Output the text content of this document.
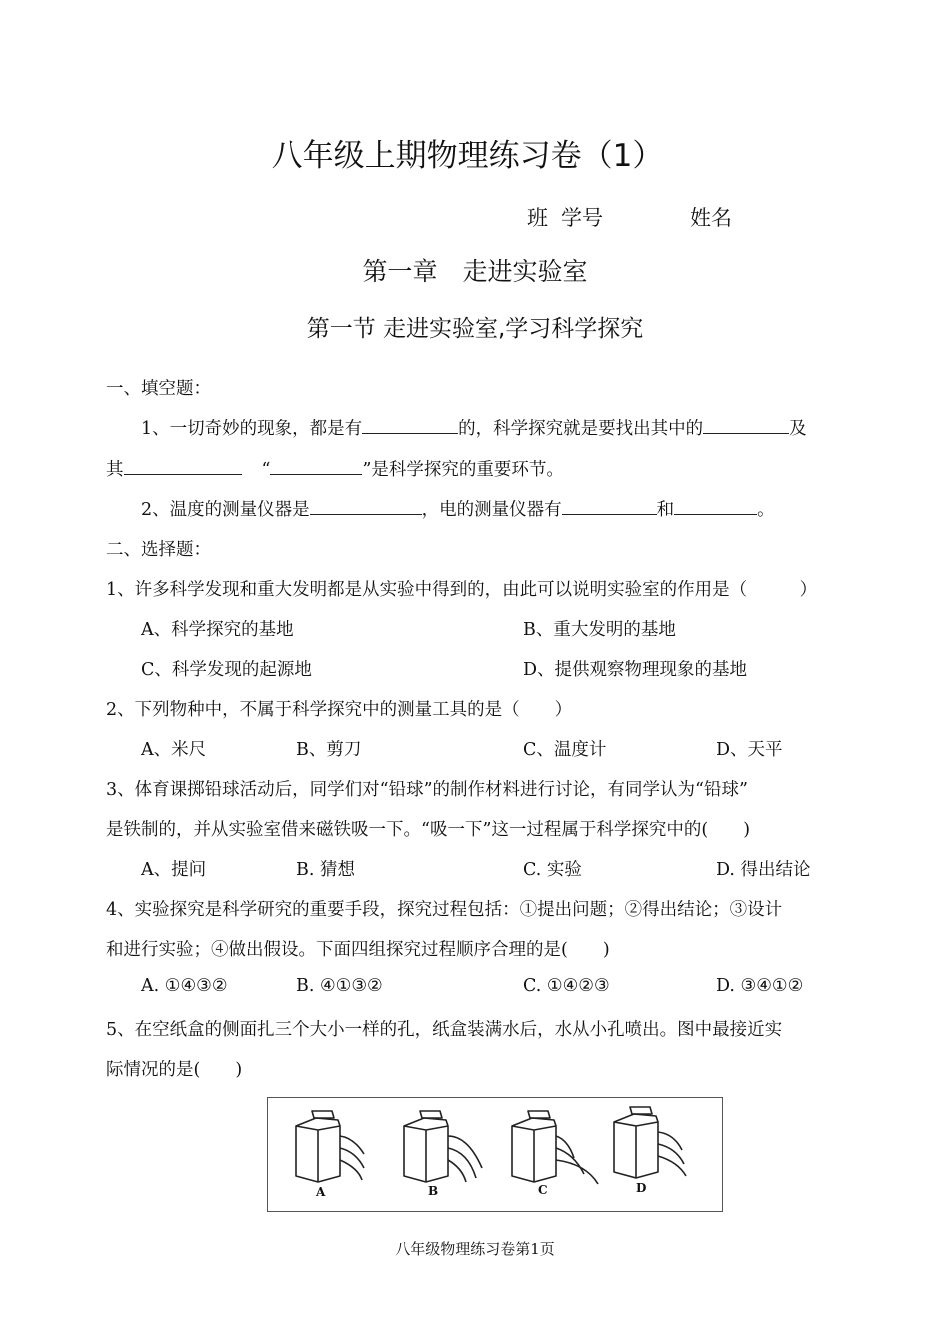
八年级上期物理练习卷（1）
班 学号	姓名
第一章　走进实验室
第一节 走进实验室,学习科学探究
一、填空题：
1、一切奇妙的现象，都是有	的，科学探究就是要找出其中的	及
其	“	”是科学探究的重要环节。
2、温度的测量仪器是	，电的测量仪器有	和	。
二、选择题：
1、许多科学发现和重大发明都是从实验中得到的，由此可以说明实验室的作用是（　　　）
A、科学探究的基地	B、重大发明的基地
C、科学发现的起源地	D、提供观察物理现象的基地
2、下列物种中，不属于科学探究中的测量工具的是（　　）
A、米尺	B、剪刀	C、温度计	D、天平
3、体育课掷铅球活动后，同学们对“铅球”的制作材料进行讨论，有同学认为“铅球”
是铁制的，并从实验室借来磁铁吸一下。“吸一下”这一过程属于科学探究中的(　　)
A、提问	B. 猜想	C. 实验	D. 得出结论
4、实验探究是科学研究的重要手段，探究过程包括：①提出问题；②得出结论；③设计
和进行实验；④做出假设。下面四组探究过程顺序合理的是(　　)
A. ①④③②	B. ④①③②	C. ①④②③	D. ③④①②
5、在空纸盒的侧面扎三个大小一样的孔，纸盒装满水后，水从小孔喷出。图中最接近实
际情况的是(　　)
A	B	C	D
八年级物理练习卷第1页
